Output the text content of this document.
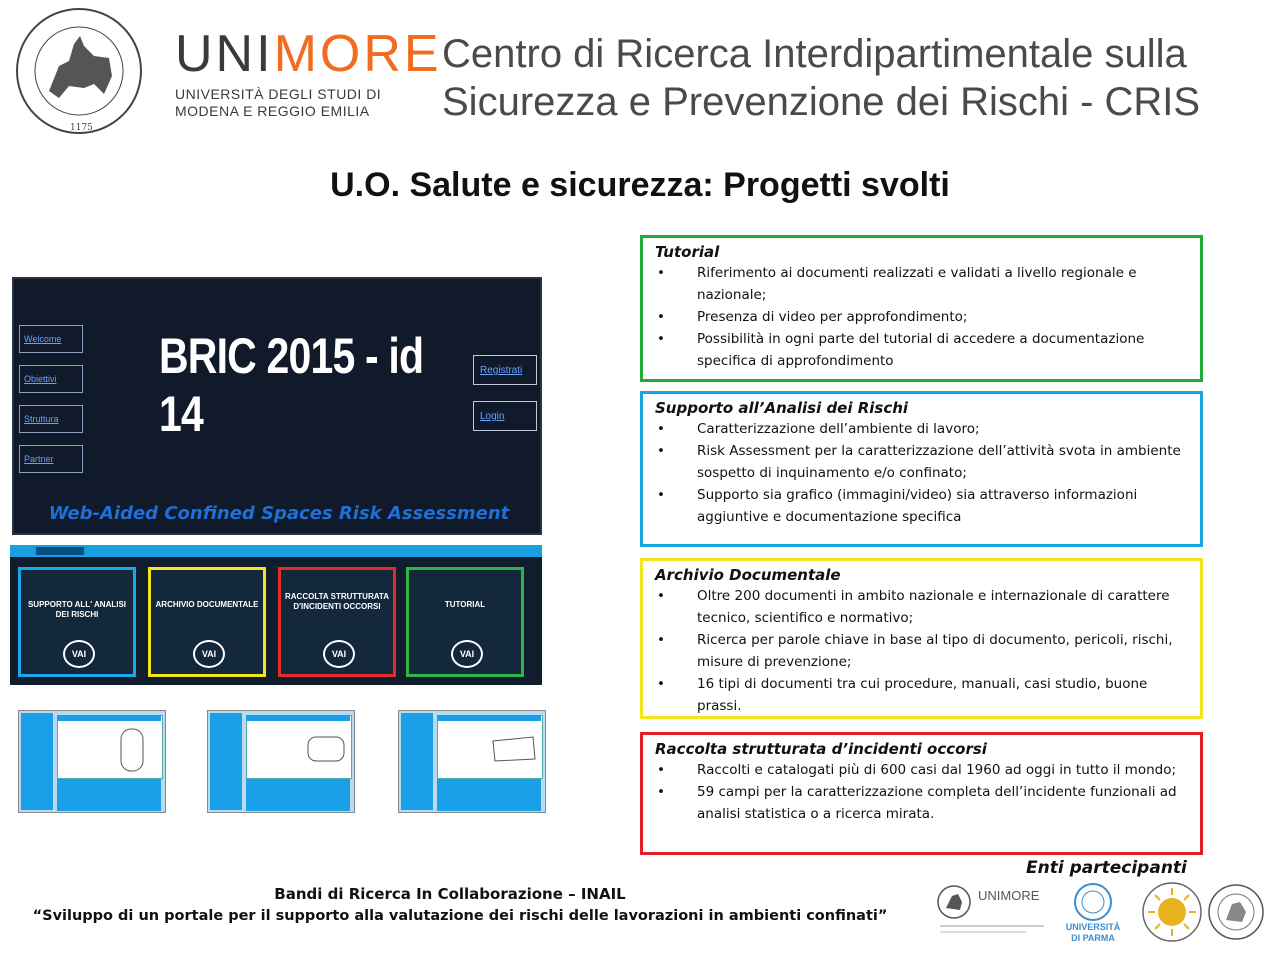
1175
UNIMORE
UNIVERSITÀ DEGLI STUDI DI
MODENA E REGGIO EMILIA
Centro di Ricerca Interdipartimentale sulla
Sicurezza e Prevenzione dei Rischi - CRIS
U.O. Salute e sicurezza: Progetti svolti
Welcome
Obiettivi
Struttura
Partner
BRIC 2015 - id 14
Registrati
Login
Web-Aided Confined Spaces Risk Assessment
SUPPORTO ALL' ANALISI DEI RISCHI
VAI
ARCHIVIO DOCUMENTALE
VAI
RACCOLTA STRUTTURATA D'INCIDENTI OCCORSI
VAI
TUTORIAL
VAI
Tutorial
• Riferimento ai documenti realizzati e validati a livello regionale e nazionale;
• Presenza di video per approfondimento;
• Possibilità in ogni parte del tutorial di accedere a documentazione specifica di approfondimento
Supporto all’Analisi dei Rischi
• Caratterizzazione dell’ambiente di lavoro;
• Risk Assessment per la caratterizzazione dell’attività svota in ambiente sospetto di inquinamento e/o confinato;
• Supporto sia grafico (immagini/video) sia attraverso informazioni aggiuntive e documentazione specifica
Archivio Documentale
• Oltre 200 documenti in ambito nazionale e internazionale di carattere tecnico, scientifico e normativo;
• Ricerca per parole chiave in base al tipo di documento, pericoli, rischi, misure di prevenzione;
• 16 tipi di documenti tra cui procedure, manuali, casi studio, buone prassi.
Raccolta strutturata d’incidenti occorsi
• Raccolti e catalogati più di 600 casi dal 1960 ad oggi in tutto il mondo;
• 59 campi per la caratterizzazione completa dell’incidente funzionali ad analisi statistica o a ricerca mirata.
Bandi di Ricerca In Collaborazione – INAIL
“Sviluppo di un portale per il supporto alla valutazione dei rischi delle lavorazioni in ambienti confinati”
Enti partecipanti
UNIMORE
UNIVERSITÀ
DI PARMA
